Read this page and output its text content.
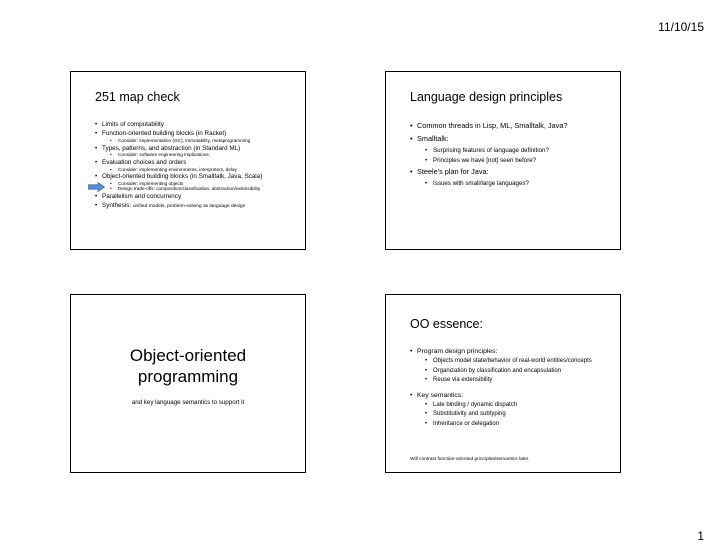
11/10/15
251 map check
• Limits of computability
• Function-oriented building blocks (in Racket)
• Consider: implementation (GC), immutability, metaprogramming
• Types, patterns, and abstraction (in Standard ML)
• Consider: software engineering implications
• Evaluation choices and orders
• Consider: implementing environments, interpreters, delay
• Object-oriented building blocks (in Smalltalk, Java, Scala)
• Consider: implementing objects
• Design trade-offs: composition/classification, abstraction/extensibility
• Parallelism and concurrency
• Synthesis: unified models, problem-solving as language design
Language design principles
• Common threads in Lisp, ML, Smalltalk, Java?
• Smalltalk:
• Surprising features of language definition?
• Principles we have [not] seen before?
• Steele's plan for Java:
• Issues with small/large languages?
Object-oriented
programming
and key language semantics to support it
OO essence:
• Program design principles:
• Objects model state/behavior of real-world entities/concepts
• Organization by classification and encapsulation
• Reuse via extensibility
• Key semantics:
• Late binding / dynamic dispatch
• Substitutivity and subtyping
• Inheritance or delegation
Will contrast function-oriented principles/semantics later.
1
